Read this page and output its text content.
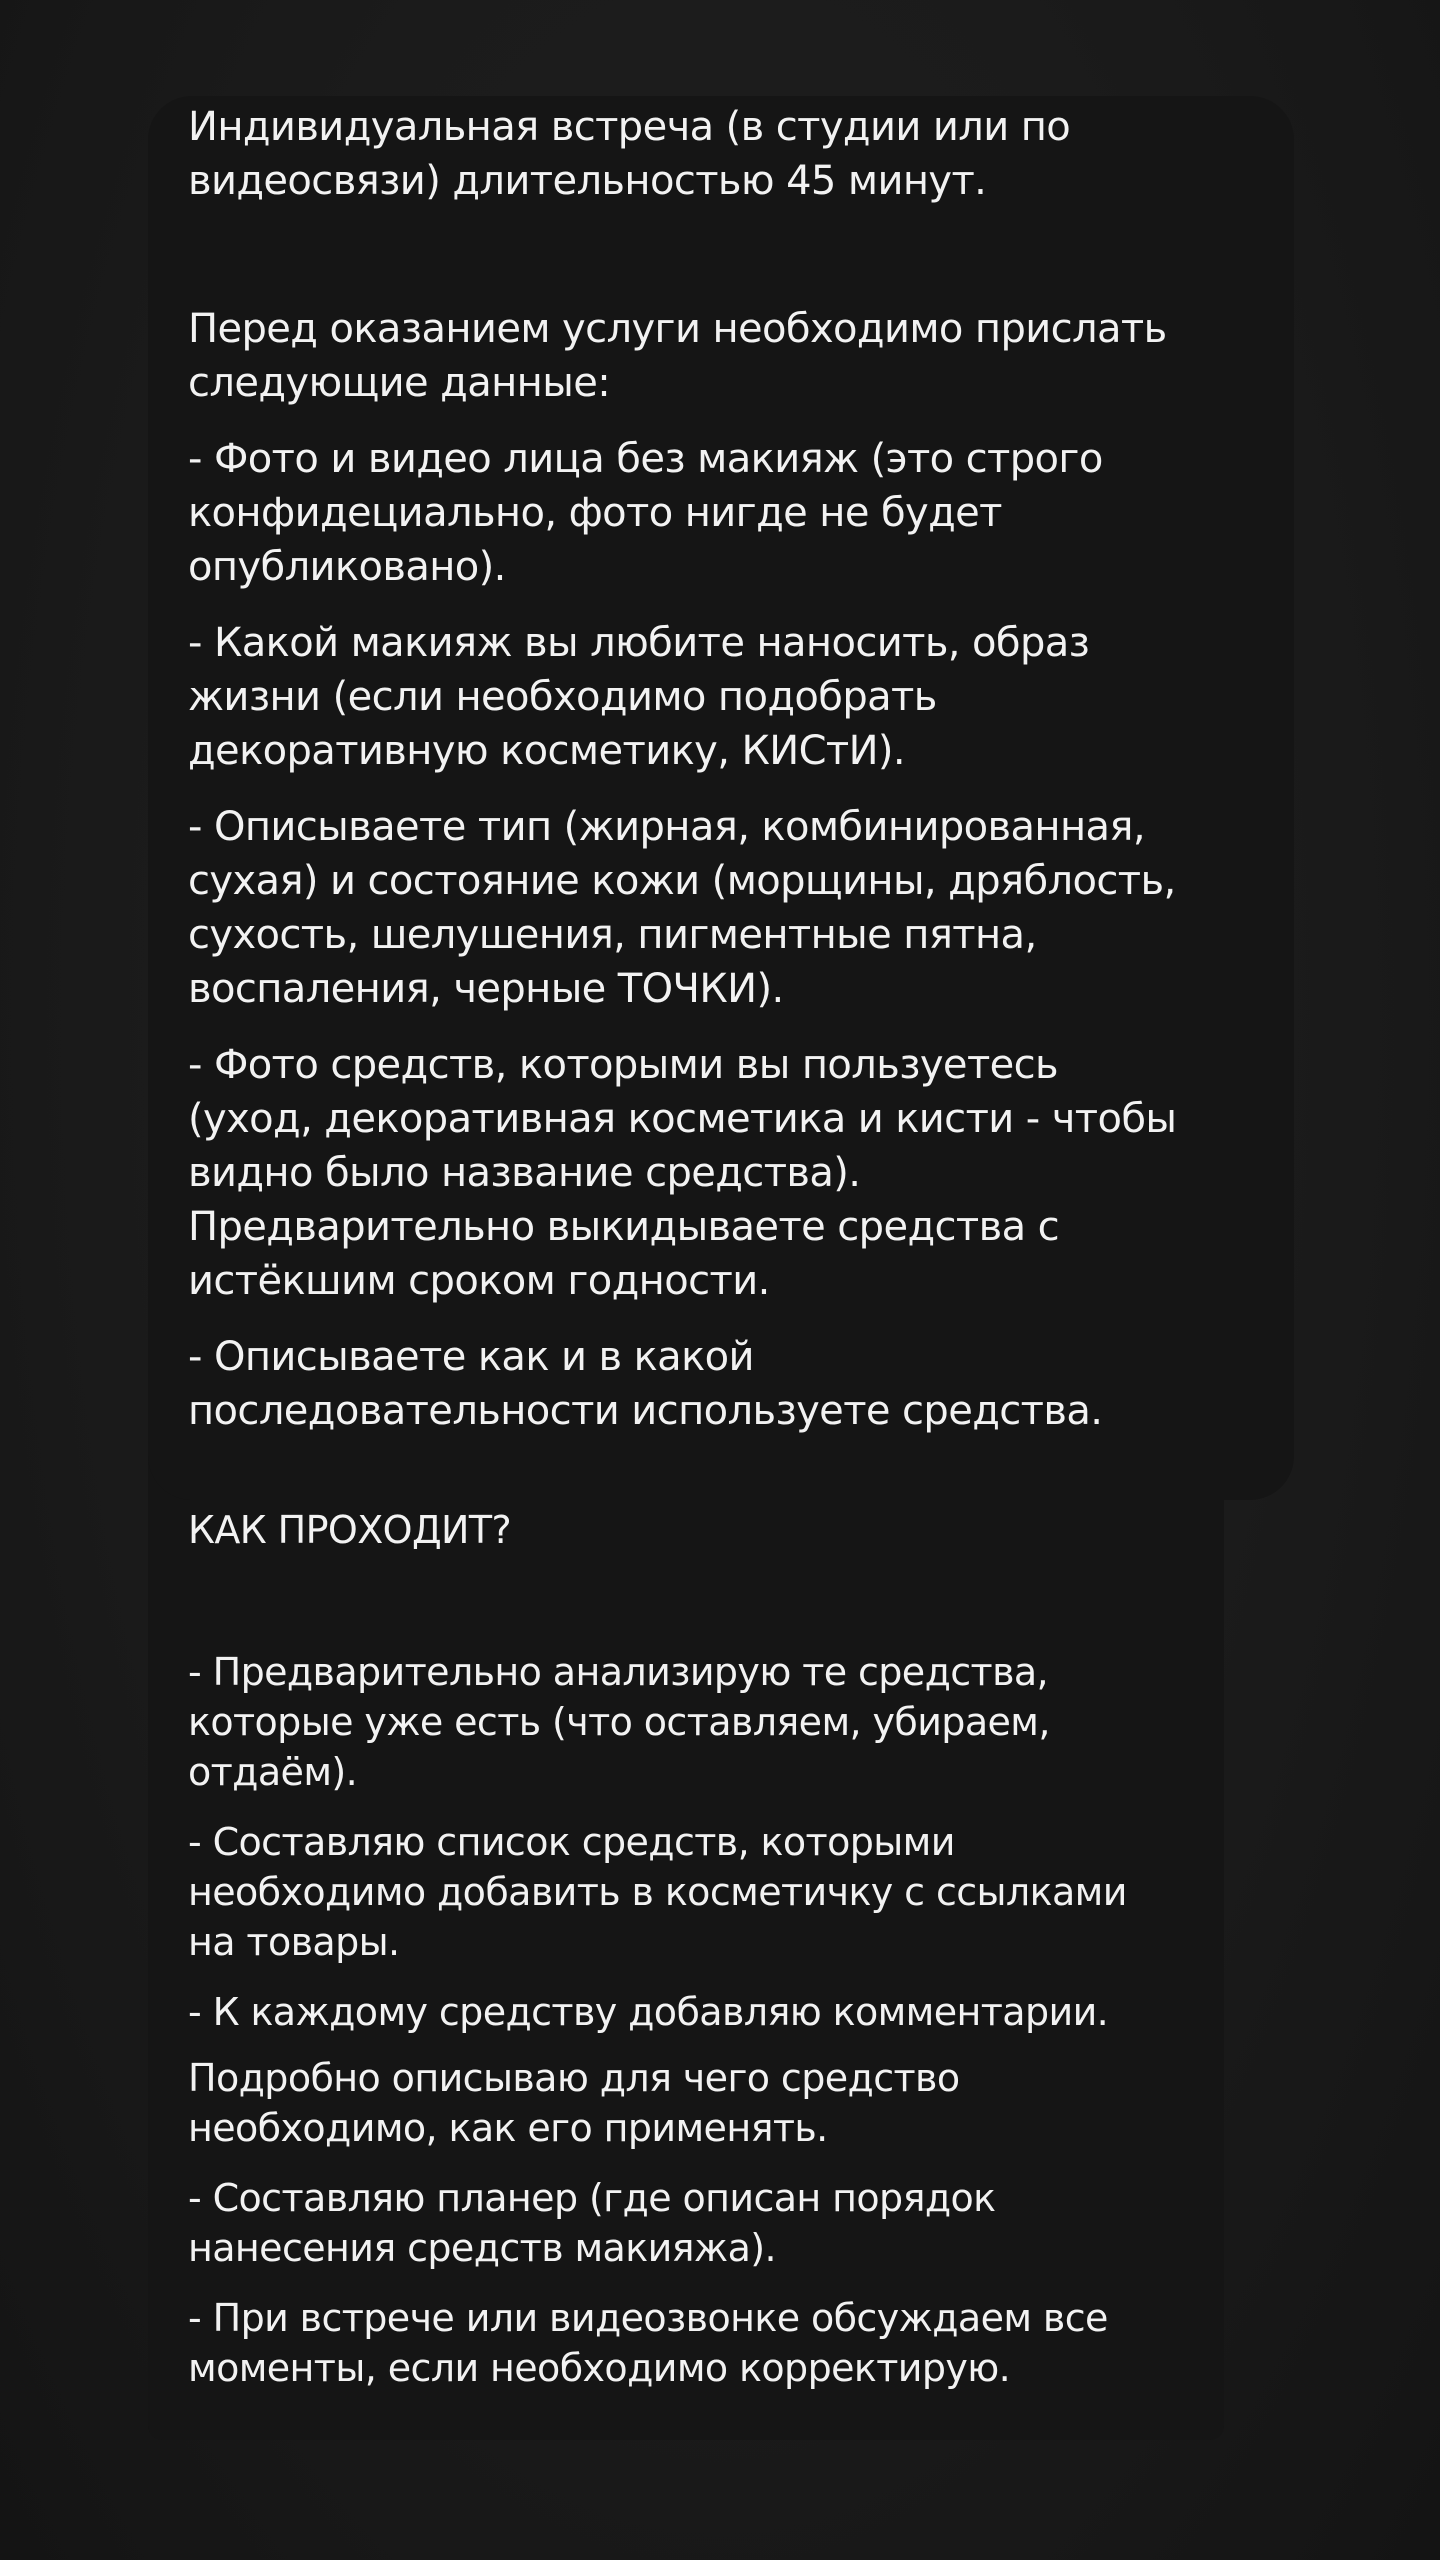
Индивидуальная встреча (в студии или по
видеосвязи) длительностью 45 минут.

Перед оказанием услуги необходимо прислать
следующие данные:

- Фото и видео лица без макияж (это строго
конфидециально, фото нигде не будет
опубликовано).

- Какой макияж вы любите наносить, образ
жизни (если необходимо подобрать
декоративную косметику, КИСтИ).

- Описываете тип (жирная, комбинированная,
сухая) и состояние кожи (морщины, дряблость,
сухость, шелушения, пигментные пятна,
воспаления, черные ТОЧКИ).

- Фото средств, которыми вы пользуетесь
(уход, декоративная косметика и кисти - чтобы
видно было название средства).
Предварительно выкидываете средства с
истёкшим сроком годности.

- Описываете как и в какой
последовательности используете средства.

КАК ПРОХОДИТ?

- Предварительно анализирую те средства,
которые уже есть (что оставляем, убираем,
отдаём).

- Составляю список средств, которыми
необходимо добавить в косметичку с ссылками
на товары.

- К каждому средству добавляю комментарии.

Подробно описываю для чего средство
необходимо, как его применять.

- Составляю планер (где описан порядок
нанесения средств макияжа).

- При встрече или видеозвонке обсуждаем все
моменты, если необходимо корректирую.
